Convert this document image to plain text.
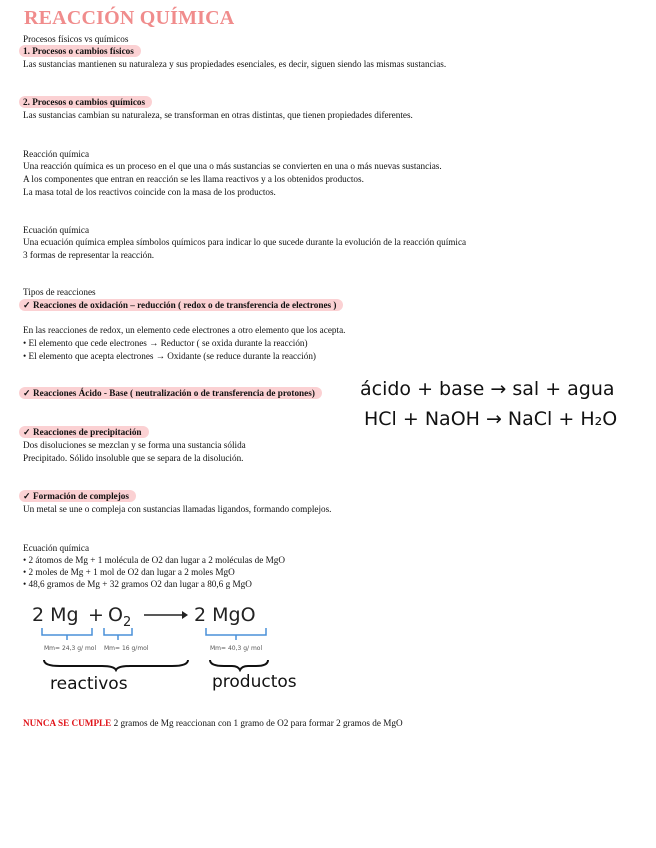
REACCIÓN QUÍMICA
Procesos físicos vs químicos
1. Procesos o cambios físicos
Las sustancias mantienen su naturaleza y sus propiedades esenciales, es decir, siguen siendo las mismas sustancias.
2. Procesos o cambios químicos
Las sustancias cambian su naturaleza, se transforman en otras distintas, que tienen propiedades diferentes.
Reacción química
Una reacción química es un proceso en el que una o más sustancias se convierten en una o más nuevas sustancias.
A los componentes que entran en reacción se les llama reactivos y a los obtenidos productos.
La masa total de los reactivos coincide con la masa de los productos.
Ecuación química
Una ecuación química emplea símbolos químicos para indicar lo que sucede durante la evolución de la reacción química
3 formas de representar la reacción.
Tipos de reacciones
✓ Reacciones de oxidación – reducción ( redox o de transferencia de electrones )
En las reacciones de redox, un elemento cede electrones a otro elemento que los acepta.
• El elemento que cede electrones → Reductor ( se oxida durante la reacción)
• El elemento que acepta electrones → Oxidante (se reduce durante la reacción)
✓ Reacciones Ácido - Base ( neutralización o de transferencia de protones)	ácido + base → sal + agua
HCl + NaOH → NaCl + H₂O
✓ Reacciones de precipitación
Dos disoluciones se mezclan y se forma una sustancia sólida
Precipitado. Sólido insoluble que se separa de la disolución.
✓ Formación de complejos
Un metal se une o compleja con sustancias llamadas ligandos, formando complejos.
Ecuación química
• 2 átomos de Mg + 1 molécula de O2 dan lugar a 2 moléculas de MgO
• 2 moles de Mg + 1 mol de O2 dan lugar a 2 moles MgO
• 48,6 gramos de Mg + 32 gramos O2 dan lugar a 80,6 g MgO
2 $Mg + O_2 \to 2$ MgO
Mm= 24,3 g/ mol Mm= 16 g/mol	Mm= 40,3 g/ mol
reactivos	productos
NUNCA SE CUMPLE 2 gramos de Mg reaccionan con 1 gramo de O2 para formar 2 gramos de MgO
